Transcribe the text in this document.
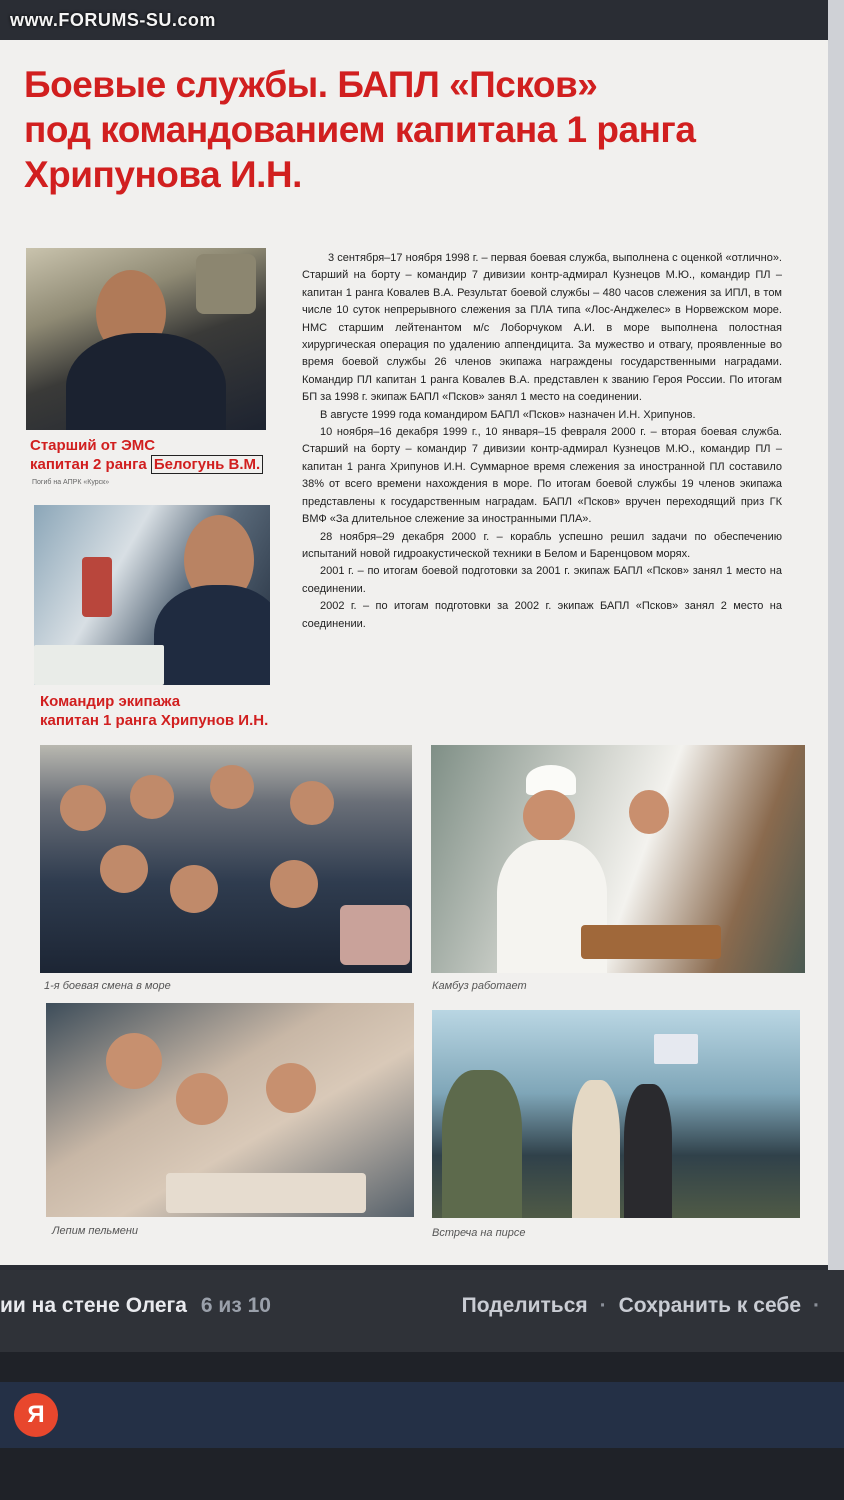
Боевые службы. БАПЛ «Псков»
под командованием капитана 1 ранга
Хрипунова И.Н.
Старший от ЭМС
капитан 2 ранга Белогунь В.М.
Погиб на АПРК «Курск»
Командир экипажа
капитан 1 ранга Хрипунов И.Н.

3 сентября–17 ноября 1998 г. – первая боевая служба, выполнена с оценкой «отлично». Старший на борту – командир 7 дивизии контр-адмирал Кузнецов М.Ю., командир ПЛ – капитан 1 ранга Ковалев В.А. Результат боевой службы – 480 часов слежения за ИПЛ, в том числе 10 суток непрерывного слежения за ПЛА типа «Лос-Анджелес» в Норвежском море. НМС старшим лейтенантом м/с Лоборчуком А.И. в море выполнена полостная хирургическая операция по удалению аппендицита. За мужество и отвагу, проявленные во время боевой службы 26 членов экипажа награждены государственными наградами. Командир ПЛ капитан 1 ранга Ковалев В.А. представлен к званию Героя России. По итогам БП за 1998 г. экипаж БАПЛ «Псков» занял 1 место на соединении.

В августе 1999 года командиром БАПЛ «Псков» назначен И.Н. Хрипунов.

10 ноября–16 декабря 1999 г., 10 января–15 февраля 2000 г. – вторая боевая служба. Старший на борту – командир 7 дивизии контр-адмирал Кузнецов М.Ю., командир ПЛ – капитан 1 ранга Хрипунов И.Н. Суммарное время слежения за иностранной ПЛ составило 38% от всего времени нахождения в море. По итогам боевой службы 19 членов экипажа представлены к государственным наградам. БАПЛ «Псков» вручен переходящий приз ГК ВМФ «За длительное слежение за иностранными ПЛА».

28 ноября–29 декабря 2000 г. – корабль успешно решил задачи по обеспечению испытаний новой гидроакустической техники в Белом и Баренцовом морях.

2001 г. – по итогам боевой подготовки за 2001 г. экипаж БАПЛ «Псков» занял 1 место на соединении.

2002 г. – по итогам подготовки за 2002 г. экипаж БАПЛ «Псков» занял 2 место на соединении.

1-я боевая смена в море	Камбуз работает
Лепим пельмени	Встреча на пирсе
ии на стене Олега 6 из 10	Поделиться · Сохранить к себе ·
Я
www.FORUMS-SU.com
